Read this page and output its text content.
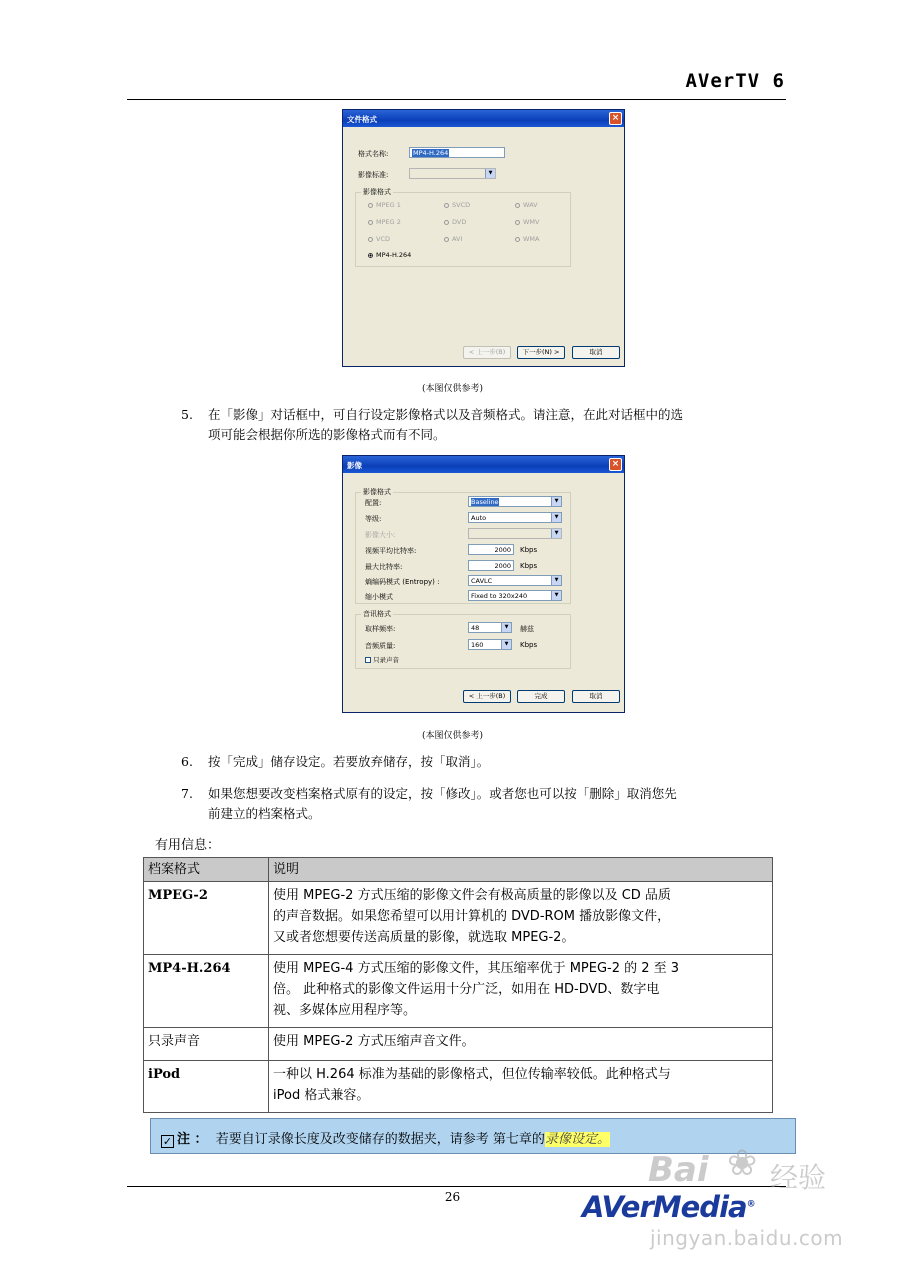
AVerTV 6
文件格式	×
格式名称:	MP4-H.264
影像标准:	▼
影像格式
MPEG 1	SVCD	WAV
MPEG 2	DVD	WMV
VCD	AVI	WMA
MP4-H.264
< 上一步(B)	下一步(N) >	取消
(本图仅供参考)
5. 在「影像」对话框中，可自行设定影像格式以及音频格式。请注意，在此对话框中的选
项可能会根据你所选的影像格式而有不同。
影像	×
影像格式
配置:	Baseline	▼
等级:	Auto	▼
影像大小:	▼
视频平均比特率:	2000	Kbps
最大比特率:	2000	Kbps
熵编码模式 (Entropy) :	CAVLC	▼
缩小模式	Fixed to 320x240	▼
音讯格式
取样频率:	48	▼	赫兹
音频质量:	160	▼	Kbps
只录声音
< 上一步(B)	完成	取消
(本图仅供参考)
6. 按「完成」储存设定。若要放弃储存，按「取消」。
7. 如果您想要改变档案格式原有的设定，按「修改」。或者您也可以按「删除」取消您先
前建立的档案格式。
有用信息：
档案格式	说明
MPEG-2	使用 MPEG-2 方式压缩的影像文件会有极高质量的影像以及 CD 品质
的声音数据。如果您希望可以用计算机的 DVD-ROM 播放影像文件，
又或者您想要传送高质量的影像，就选取 MPEG-2。

MP4-H.264	使用 MPEG-4 方式压缩的影像文件，其压缩率优于 MPEG-2 的 2 至 3
倍。 此种格式的影像文件运用十分广泛，如用在 HD-DVD、数字电
视、多媒体应用程序等。

只录声音	使用 MPEG-2 方式压缩声音文件。

iPod	一种以 H.264 标准为基础的影像格式，但位传输率较低。此种格式与
iPod 格式兼容。
✓ 注 ： 若要自订录像长度及改变储存的数据夹，请参考 第七章的录像设定。
26	AVerMedia®
Bai ❀ 经验
jingyan.baidu.com
